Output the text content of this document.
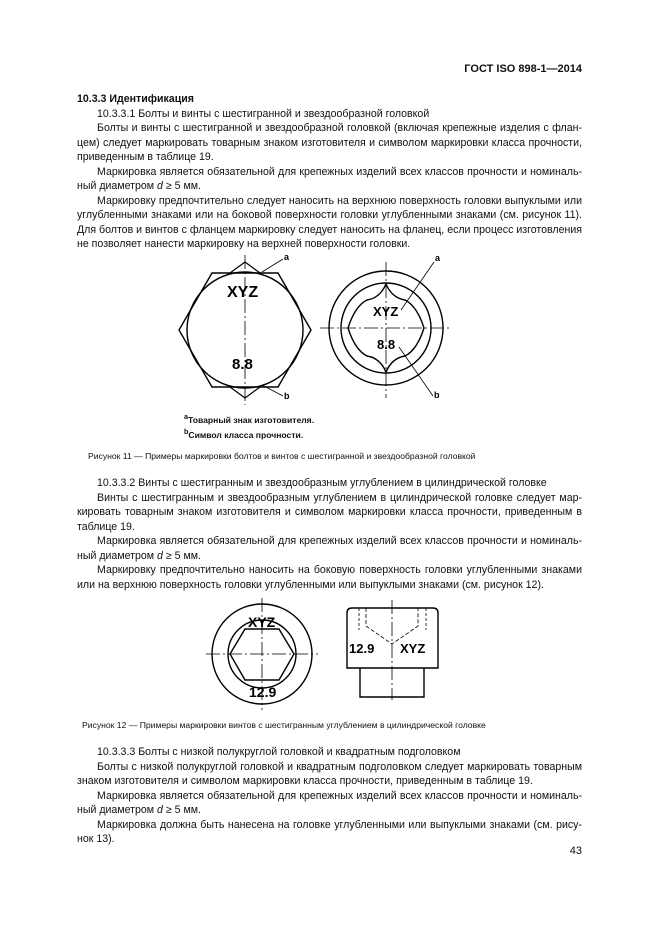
ГОСТ ISO 898-1—2014

10.3.3 Идентификация

10.3.3.1 Болты и винты с шестигранной и звездообразной головкой

Болты и винты с шестигранной и звездообразной головкой (включая крепежные изделия с флан-цем) следует маркировать товарным знаком изготовителя и символом маркировки класса прочности, приведенным в таблице 19.

Маркировка является обязательной для крепежных изделий всех классов прочности и номиналь-ный диаметром d ≥ 5 мм.

Маркировку предпочтительно следует наносить на верхнюю поверхность головки выпуклыми или углубленными знаками или на боковой поверхности головки углубленными знаками (см. рисунок 11). Для болтов и винтов с фланцем маркировку следует наносить на фланец, если процесс изготовления не позволяет нанести маркировку на верхней поверхности головки.

XYZ
8.8
a
b
XYZ
8.8
a
b
$^a$Товарный знак изготовителя.
$^b$Символ класса прочности.
Рисунок 11 — Примеры маркировки болтов и винтов с шестигранной и звездообразной головкой

10.3.3.2 Винты с шестигранным и звездообразным углублением в цилиндрической головке

Винты с шестигранным и звездообразным углублением в цилиндрической головке следует мар-кировать товарным знаком изготовителя и символом маркировки класса прочности, приведенным в таблице 19.

Маркировка является обязательной для крепежных изделий всех классов прочности и номиналь-ный диаметром d ≥ 5 мм.

Маркировку предпочтительно наносить на боковую поверхность головки углубленными знаками или на верхнюю поверхность головки углубленными или выпуклыми знаками (см. рисунок 12).

XYZ
12.9
12.9 XYZ
Рисунок 12 — Примеры маркировки винтов с шестигранным углублением в цилиндрической головке

10.3.3.3 Болты с низкой полукруглой головкой и квадратным подголовком

Болты с низкой полукруглой головкой и квадратным подголовком следует маркировать товарным знаком изготовителя и символом маркировки класса прочности, приведенным в таблице 19.

Маркировка является обязательной для крепежных изделий всех классов прочности и номиналь-ный диаметром d ≥ 5 мм.

Маркировка должна быть нанесена на головке углубленными или выпуклыми знаками (см. рису-нок 13).

43
